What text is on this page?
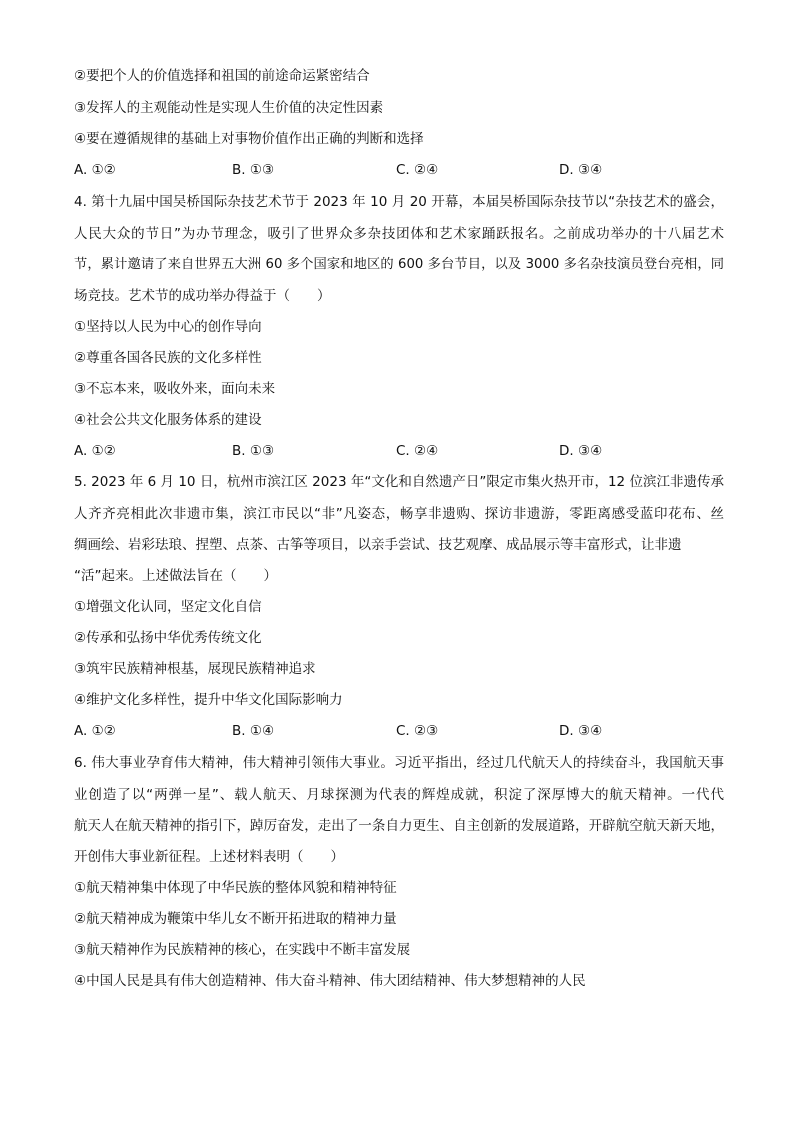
②要把个人的价值选择和祖国的前途命运紧密结合
③发挥人的主观能动性是实现人生价值的决定性因素
④要在遵循规律的基础上对事物价值作出正确的判断和选择
A. ①②	B. ①③	C. ②④	D. ③④
4. 第十九届中国吴桥国际杂技艺术节于 2023 年 10 月 20 开幕，本届吴桥国际杂技节以“杂技艺术的盛会，
人民大众的节日”为办节理念，吸引了世界众多杂技团体和艺术家踊跃报名。之前成功举办的十八届艺术
节，累计邀请了来自世界五大洲 60 多个国家和地区的 600 多台节目，以及 3000 多名杂技演员登台亮相，同
场竞技。艺术节的成功举办得益于（　　）
①坚持以人民为中心的创作导向
②尊重各国各民族的文化多样性
③不忘本来，吸收外来，面向未来
④社会公共文化服务体系的建设
A. ①②	B. ①③	C. ②④	D. ③④
5. 2023 年 6 月 10 日，杭州市滨江区 2023 年“文化和自然遗产日”限定市集火热开市，12 位滨江非遗传承
人齐齐亮相此次非遗市集，滨江市民以“非”凡姿态，畅享非遗购、探访非遗游，零距离感受蓝印花布、丝
绸画绘、岩彩珐琅、捏塑、点茶、古筝等项目，以亲手尝试、技艺观摩、成品展示等丰富形式，让非遗
“活”起来。上述做法旨在（　　）
①增强文化认同，坚定文化自信
②传承和弘扬中华优秀传统文化
③筑牢民族精神根基，展现民族精神追求
④维护文化多样性，提升中华文化国际影响力
A. ①②	B. ①④	C. ②③	D. ③④
6. 伟大事业孕育伟大精神，伟大精神引领伟大事业。习近平指出，经过几代航天人的持续奋斗，我国航天事
业创造了以“两弹一星”、载人航天、月球探测为代表的辉煌成就，积淀了深厚博大的航天精神。一代代
航天人在航天精神的指引下，踔厉奋发，走出了一条自力更生、自主创新的发展道路，开辟航空航天新天地，
开创伟大事业新征程。上述材料表明（　　）
①航天精神集中体现了中华民族的整体风貌和精神特征
②航天精神成为鞭策中华儿女不断开拓进取的精神力量
③航天精神作为民族精神的核心，在实践中不断丰富发展
④中国人民是具有伟大创造精神、伟大奋斗精神、伟大团结精神、伟大梦想精神的人民
